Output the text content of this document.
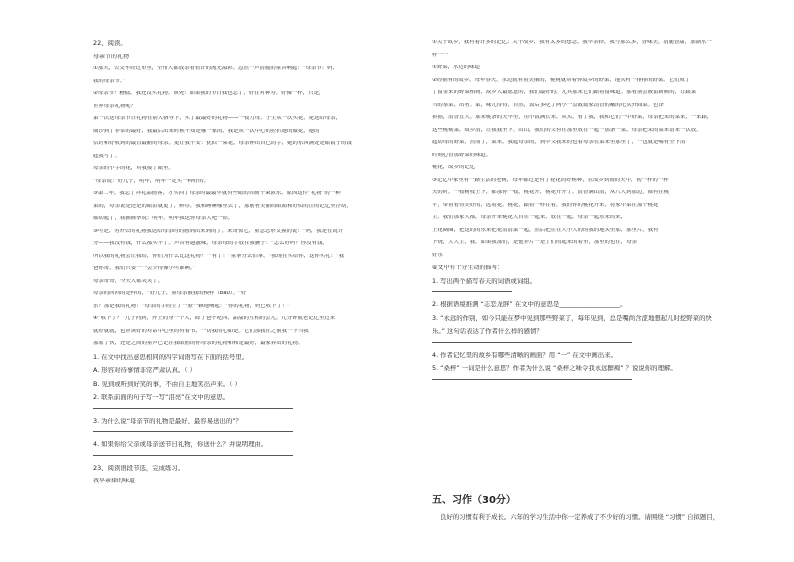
22、阅读。
母亲节的礼物
①那天，公交车经过市里，全市人都放亲看看许的流光溢彩。忽然一声清脆的童音响起：“母亲节！妈，
我的母亲节。”
②母亲节？糟糕，我还没买礼物。该死！如果我的节日我也忘了，好在对种寿。好像一样，只是，
世界母亲礼物呢？
第一次送母亲节日礼物在别人指导下，买了最最好的礼物——一枝刀母。子生从一次买花，花送给母亲，
细沙到了非常的最好，我最后出来时候不知是哪一家的，我是从一次中心的拉扒她的做花，她的
信封和好收到的最直最耐的母亲。更让我不安：犹似一束花，母亲伸出自己的手，她的东西满处是眼镜子的钱
起我写了。
母亲的小手的花，对我接了眼里。
“母亲说：”好儿子，明年，明年一定买一种好的。”
③第二年，我忘了拜礼品前客，才买回了母亲时最最早就有些眼的自制十朵浓东。原因这件“礼物”的一种
果的，母亲说是还是的眼泪就更了，鲜存，我和睡睡哪里去了，那前者美丽的眼睛和好似的注的记忆里浮动，
都动起了，我握握拳说：明年，明年我送你母亲大吧一惊。
③可是，另外公的礼物我送给母亲时的感到出来到的了，来哥惊它，童念恋形文摸的说：“妈，我是在说计
分——我没有钱，什么都买不了。”声音有越滋味，母亲母的手放在我腕子：“怎么好吗？你没有钱，
所以我的礼物会让我给，你们为什么比这礼物？”“有了！”童拿分去怕拿，“我现在买给你，这你买礼！”我
爸你哥，我们只要一一会少得像小可谁啊。”
母亲哥哥，今天人都哭笑了。
母亲的回回的是样的，“好儿子，童母亲被我的模样（bā0）。”“好
乐？那是我的礼物！”母亲的手的生了一脸一颗地响起：“你的礼物，妈已收下了！”
④“收下了？”儿子问到，外上的身一个人，除了爸不吃西，甜甜的互相的会儿。几分钟就老记忆里过来
就好就就，也应该好的对话中心里的有着书，一切我的心如是。它们那我在之前我一下当我
那原了伙，还是之间的童声已记在我眼前的你母亲的礼物和和是最好，最家养出的礼物。
1. 在文中找出意思相同的四字词语写在下面的括号里。
A. 形容对待事情非常严肃认真。（ ）
B. 见到或听到好笑的事，不由自主地笑出声来。（ ）
2. 联系前面的句子写一写“泪亮”在文中的意思。
3. 为什么说“母亲节的礼物是最好、最容易送出的”？
4. 如果你给父亲或母亲送节日礼物，你送什么？并说明理由。
23、阅读语段节选，完成练习。
我早亲择的味道
①关于故乡，我有着许多的记忆；关于故乡，我有太多的想念。我早亲择，我与那么多，香味美。清脆香甜，加湖水一
样一一
①野菜，水边的味道
②经据有的故乡，每年春天，水边就有着美丽的，桃桃就带着你故乡的野菜，地头村一排排的野菜。它们成了
了留金来的野菜植物，故乡人最愿意的，我们最好的，尤其那来它们跟着留味道。那看别会被留新颜的，让跟菜
当的茶菜，出者。菜，味儿得得，自然，饭后多吃了两小一盘数数家清香的嫩的纪头外面菜。色泽
拼据，清香宜人。那来桃条的天早里，用小饭满长来。从头，看了我，我和它们一中野菜，母亲把采的菜来，一来跟，
这些桃桃菜，故乡清，让我我坐下。山山，我们的父有在那里放在一起一那条一菜，母亲把采的菜来清来一次放，
起动母的野菜，然而了，菜来，我起母亲的，到中父我来的也着母亲在菜来里那里了，一包就是嘴有全下清
时刻心香那野菜的味道。
桃花，故乡的记忆
③记忆中家里有一路生活的老树，每年都过是有了花花的好树种，在故乡到雨的天中，初一样的一样
天的时，一枝树枝上下，都那你一枝，桃花开，桃花开开了，清香满山清，从八人到那边，都有在桃
平，带着看得美好的，远着花，桃花，跟着一样在着，我的你的桃花开来，将家中菜在那个桃花
主。我们那家人都，母亲开来桃花大自在一起来，放在一起，母亲一起乐来的来，
上花圈圈，把这的的东来把花清清菜一起，然后把在在大小大的的我的地头里那，那里片，我有
下烧，大大主，我，如果我那们，是他非片一是了们的起来的着里，那里的也在，母亲
好乐
⑥文中有十分生动的描写：
1. 写出两个描写春天的词语或词组。
2. 根据语境推测 “志恋龙胖” 在文中的意思是___________________。
3. “永远的作别，如今只能在梦中见到那些野菜了，每年见到，总是嘴尚含涩地想起儿时挖野菜的快
乐。” 这句话表达了作者什么样的感情？
4. 作者记忆里的故乡有哪些清晰的画面？用 “一” 在文中画出来。
5. “桑梓” 一词是什么意思？作者为什么说 “桑梓之味令我永远醉痴” ？说说你的理解。
五、习作（30分）
良好的习惯有利于成长。六年的学习生活中你一定养成了不少好的习惯。请围绕 “习惯” 自拟题目，
